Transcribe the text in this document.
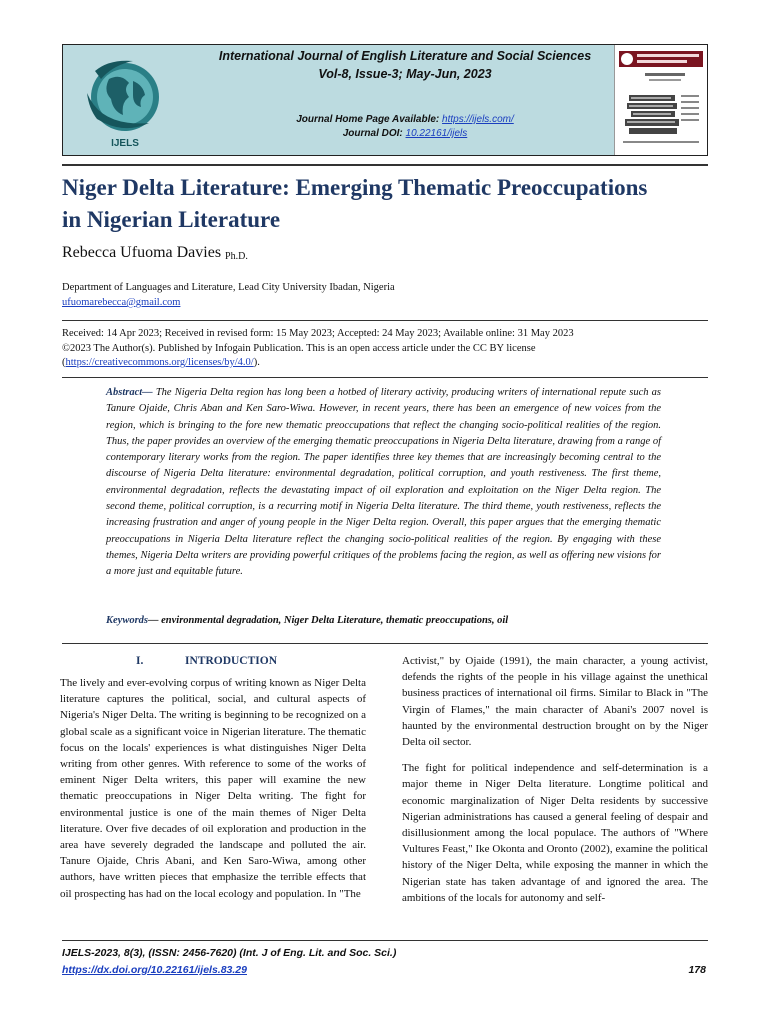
IJELS
International Journal of English Literature and Social Sciences
Vol-8, Issue-3; May-Jun, 2023
Journal Home Page Available: https://ijels.com/
Journal DOI: 10.22161/ijels
Niger Delta Literature: Emerging Thematic Preoccupations in Nigerian Literature
Rebecca Ufuoma Davies Ph.D.
Department of Languages and Literature, Lead City University Ibadan, Nigeria
ufuomarebecca@gmail.com
Received: 14 Apr 2023; Received in revised form: 15 May 2023; Accepted: 24 May 2023; Available online: 31 May 2023
©2023 The Author(s). Published by Infogain Publication. This is an open access article under the CC BY license
(https://creativecommons.org/licenses/by/4.0/).

Abstract— The Nigeria Delta region has long been a hotbed of literary activity, producing writers of international repute such as Tanure Ojaide, Chris Aban and Ken Saro-Wiwa. However, in recent years, there has been an emergence of new voices from the region, which is bringing to the fore new thematic preoccupations that reflect the changing socio-political realities of the region. Thus, the paper provides an overview of the emerging thematic preoccupations in Nigeria Delta literature, drawing from a range of contemporary literary works from the region. The paper identifies three key themes that are increasingly becoming central to the discourse of Nigeria Delta literature: environmental degradation, political corruption, and youth restiveness. The first theme, environmental degradation, reflects the devastating impact of oil exploration and exploitation on the Niger Delta region. The second theme, political corruption, is a recurring motif in Nigeria Delta literature. The third theme, youth restiveness, reflects the increasing frustration and anger of young people in the Niger Delta region. Overall, this paper argues that the emerging thematic preoccupations in Nigeria Delta literature reflect the changing socio-political realities of the region. By engaging with these themes, Nigeria Delta writers are providing powerful critiques of the problems facing the region, as well as offering new visions for a more just and equitable future.

Keywords— environmental degradation, Niger Delta Literature, thematic preoccupations, oil
I.	INTRODUCTION

The lively and ever-evolving corpus of writing known as Niger Delta literature captures the political, social, and cultural aspects of Nigeria's Niger Delta. The writing is beginning to be recognized on a global scale as a significant voice in Nigerian literature. The thematic focus on the locals' experiences is what distinguishes Niger Delta writing from other genres. With reference to some of the works of eminent Niger Delta writers, this paper will examine the new thematic preoccupations in Niger Delta writing. The fight for environmental justice is one of the main themes of Niger Delta literature. Over five decades of oil exploration and production in the area have severely degraded the landscape and polluted the air. Tanure Ojaide, Chris Abani, and Ken Saro-Wiwa, among other authors, have written pieces that emphasize the terrible effects that oil prospecting has had on the local ecology and population. In "The

Activist," by Ojaide (1991), the main character, a young activist, defends the rights of the people in his village against the unethical business practices of international oil firms. Similar to Black in "The Virgin of Flames," the main character of Abani's 2007 novel is haunted by the environmental destruction brought on by the Niger Delta oil sector.

The fight for political independence and self-determination is a major theme in Niger Delta literature. Longtime political and economic marginalization of Niger Delta residents by successive Nigerian administrations has caused a general feeling of despair and disillusionment among the local populace. The authors of "Where Vultures Feast," Ike Okonta and Oronto (2002), examine the political history of the Niger Delta, while exposing the manner in which the Nigerian state has taken advantage of and ignored the area. The ambitions of the locals for autonomy and self-

IJELS-2023, 8(3), (ISSN: 2456-7620) (Int. J of Eng. Lit. and Soc. Sci.)
https://dx.doi.org/10.22161/ijels.83.29	178
